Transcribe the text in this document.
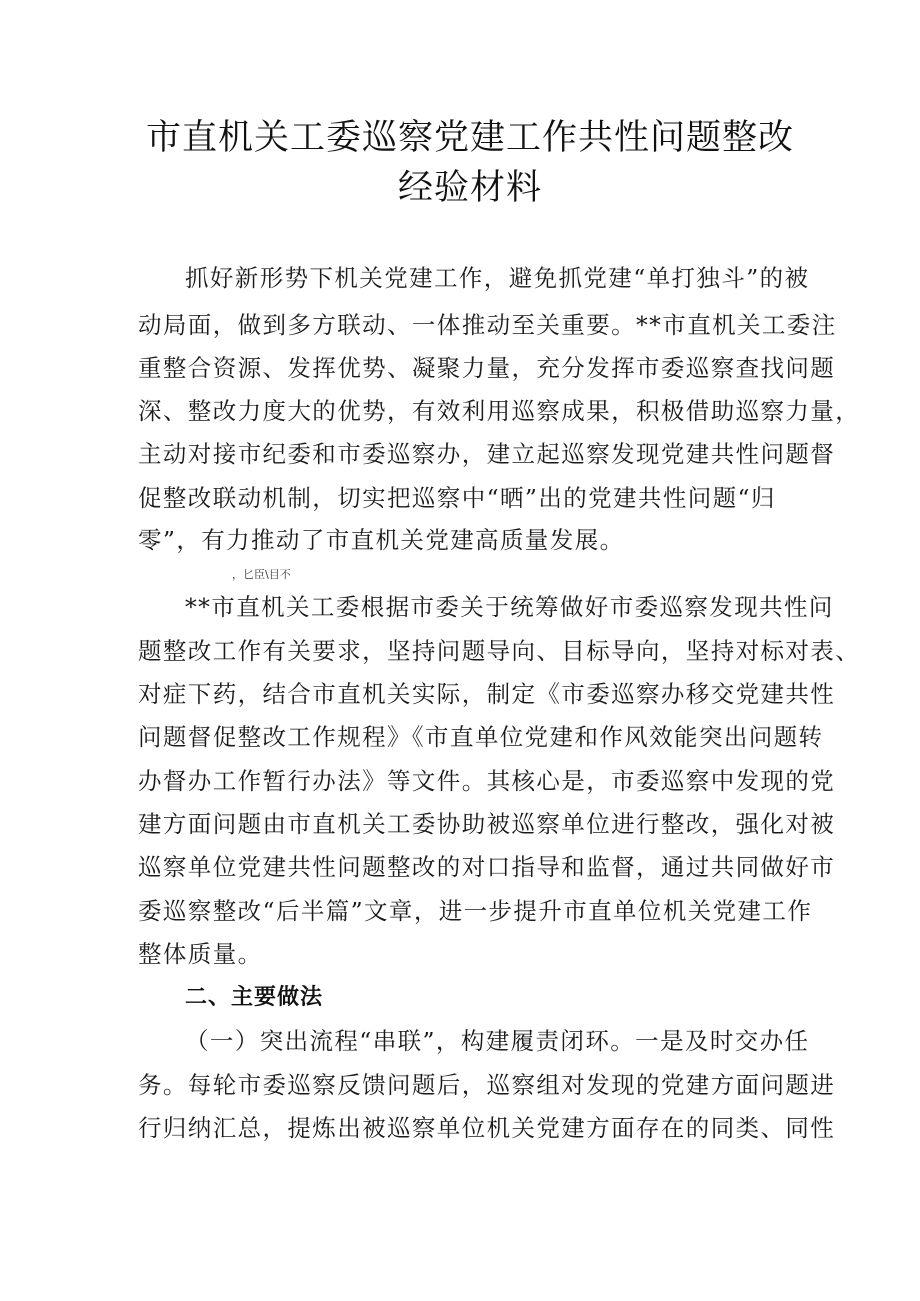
市直机关工委巡察党建工作共性问题整改
经验材料
抓好新形势下机关党建工作，避免抓党建“单打独斗”的被
动局面，做到多方联动、一体推动至关重要。**市直机关工委注
重整合资源、发挥优势、凝聚力量，充分发挥市委巡察查找问题
深、整改力度大的优势，有效利用巡察成果，积极借助巡察力量，
主动对接市纪委和市委巡察办，建立起巡察发现党建共性问题督
促整改联动机制，切实把巡察中“晒”出的党建共性问题“归
零”，有力推动了市直机关党建高质量发展。
，匕臣\目不
**市直机关工委根据市委关于统筹做好市委巡察发现共性问
题整改工作有关要求，坚持问题导向、目标导向，坚持对标对表、
对症下药，结合市直机关实际，制定《市委巡察办移交党建共性
问题督促整改工作规程》《市直单位党建和作风效能突出问题转
办督办工作暂行办法》等文件。其核心是，市委巡察中发现的党
建方面问题由市直机关工委协助被巡察单位进行整改，强化对被
巡察单位党建共性问题整改的对口指导和监督，通过共同做好市
委巡察整改“后半篇”文章，进一步提升市直单位机关党建工作
整体质量。
二、主要做法
（一）突出流程“串联”，构建履责闭环。一是及时交办任
务。每轮市委巡察反馈问题后，巡察组对发现的党建方面问题进
行归纳汇总，提炼出被巡察单位机关党建方面存在的同类、同性
